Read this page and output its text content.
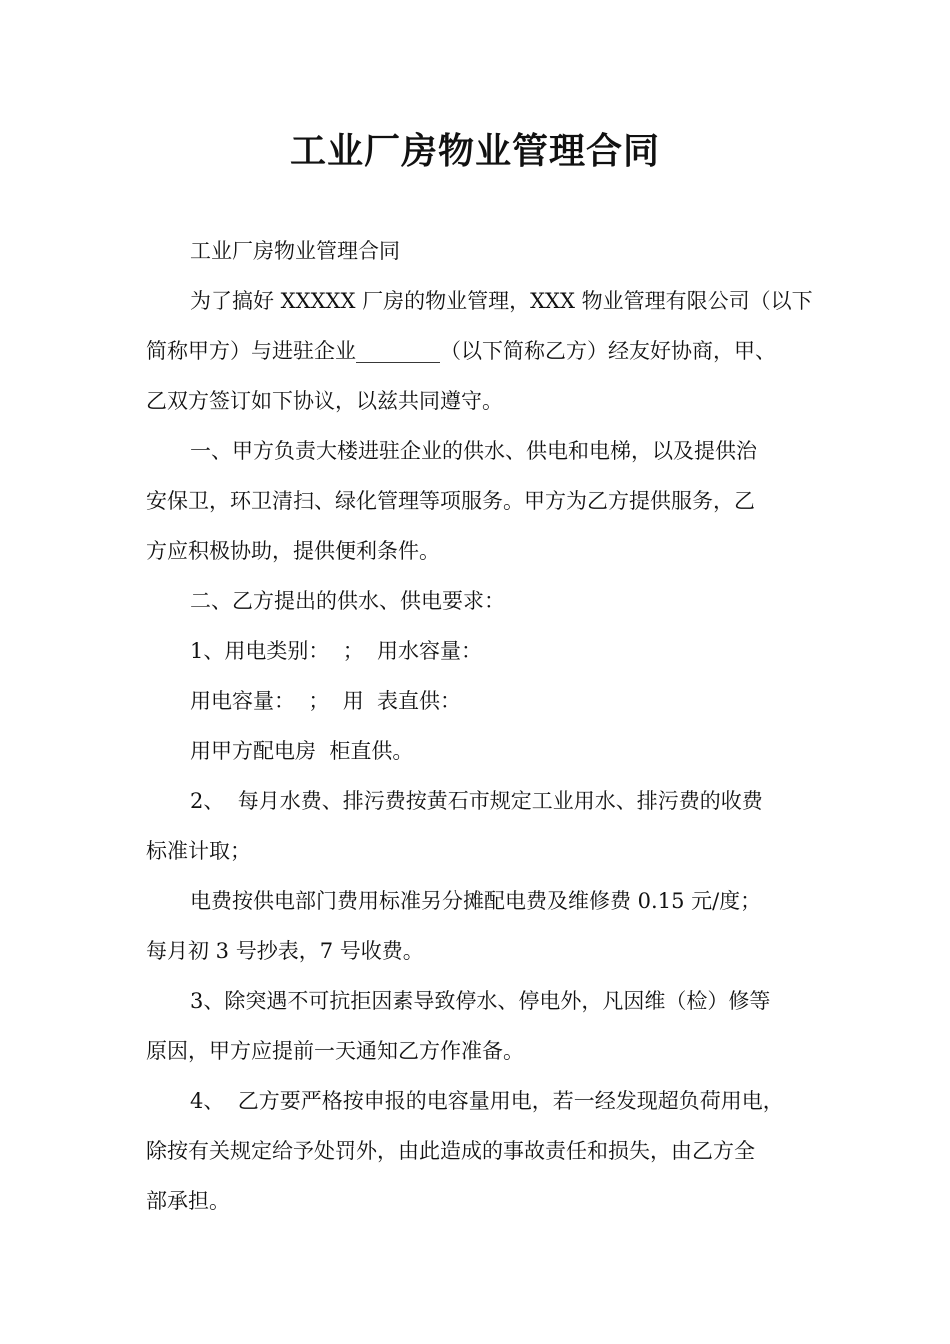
工业厂房物业管理合同
工业厂房物业管理合同
为了搞好 XXXXX 厂房的物业管理，XXX 物业管理有限公司（以下
简称甲方）与进驻企业________（以下简称乙方）经友好协商，甲、
乙双方签订如下协议，以兹共同遵守。
一、甲方负责大楼进驻企业的供水、供电和电梯，以及提供治
安保卫，环卫清扫、绿化管理等项服务。甲方为乙方提供服务，乙
方应积极协助，提供便利条件。
二、乙方提出的供水、供电要求：
1、用电类别：  ；  用水容量：
用电容量：  ；  用  表直供：
用甲方配电房  柜直供。
2、  每月水费、排污费按黄石市规定工业用水、排污费的收费
标准计取；
电费按供电部门费用标准另分摊配电费及维修费 0.15 元/度；
每月初 3 号抄表，7 号收费。
3、除突遇不可抗拒因素导致停水、停电外，凡因维（检）修等
原因，甲方应提前一天通知乙方作准备。
4、  乙方要严格按申报的电容量用电，若一经发现超负荷用电，
除按有关规定给予处罚外，由此造成的事故责任和损失，由乙方全
部承担。
